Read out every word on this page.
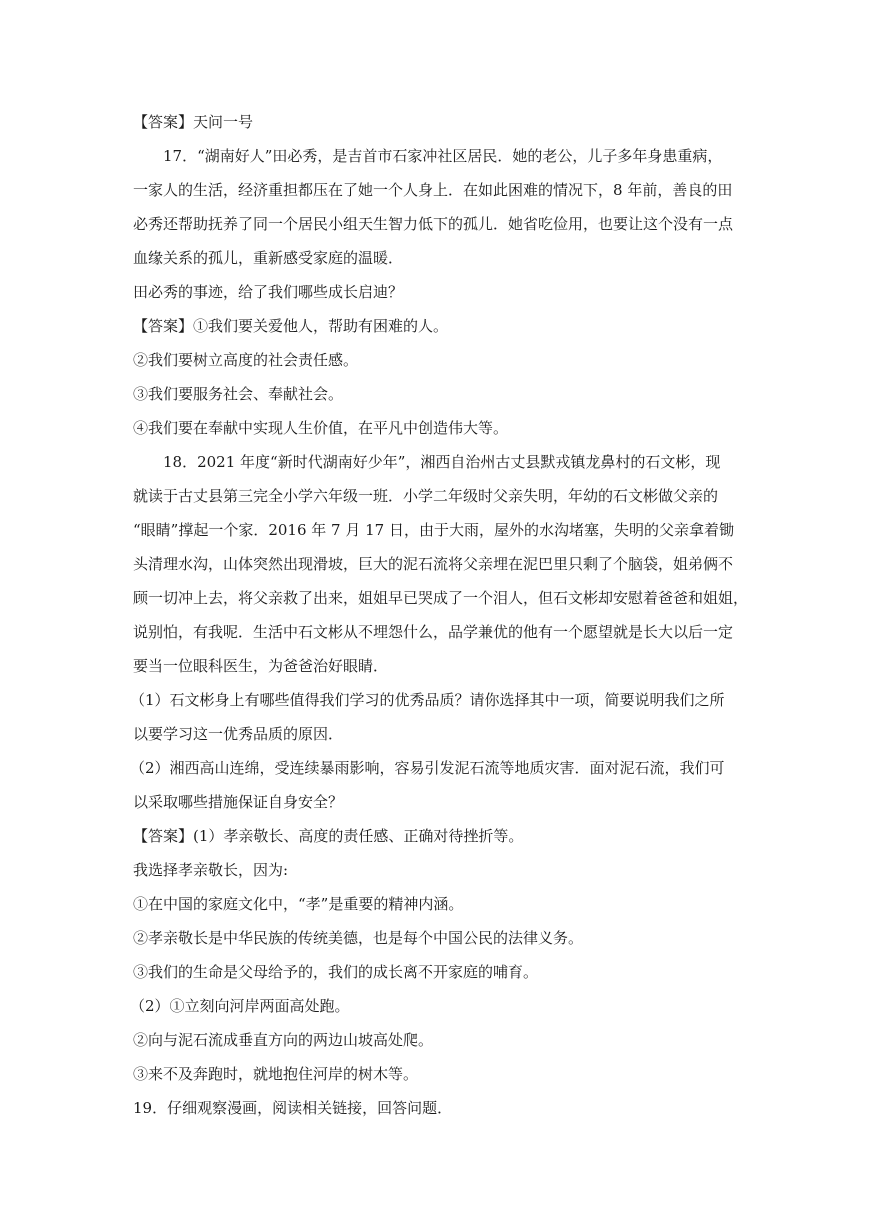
【答案】天问一号
17．“湖南好人”田必秀，是吉首市石家冲社区居民．她的老公，儿子多年身患重病，
一家人的生活，经济重担都压在了她一个人身上．在如此困难的情况下，8 年前，善良的田
必秀还帮助抚养了同一个居民小组天生智力低下的孤儿．她省吃俭用，也要让这个没有一点
血缘关系的孤儿，重新感受家庭的温暖．
田必秀的事迹，给了我们哪些成长启迪？
【答案】①我们要关爱他人，帮助有困难的人。
②我们要树立高度的社会责任感。
③我们要服务社会、奉献社会。
④我们要在奉献中实现人生价值，在平凡中创造伟大等。
18．2021 年度“新时代湖南好少年”，湘西自治州古丈县默戎镇龙鼻村的石文彬，现
就读于古丈县第三完全小学六年级一班．小学二年级时父亲失明，年幼的石文彬做父亲的
“眼睛”撑起一个家．2016 年 7 月 17 日，由于大雨，屋外的水沟堵塞，失明的父亲拿着锄
头清理水沟，山体突然出现滑坡，巨大的泥石流将父亲埋在泥巴里只剩了个脑袋，姐弟俩不
顾一切冲上去，将父亲救了出来，姐姐早已哭成了一个泪人，但石文彬却安慰着爸爸和姐姐，
说别怕，有我呢．生活中石文彬从不埋怨什么，品学兼优的他有一个愿望就是长大以后一定
要当一位眼科医生，为爸爸治好眼睛．
（1）石文彬身上有哪些值得我们学习的优秀品质？请你选择其中一项，简要说明我们之所
以要学习这一优秀品质的原因．
（2）湘西高山连绵，受连续暴雨影响，容易引发泥石流等地质灾害．面对泥石流，我们可
以采取哪些措施保证自身安全？
【答案】(1）孝亲敬长、高度的责任感、正确对待挫折等。
我选择孝亲敬长，因为:
①在中国的家庭文化中，“孝”是重要的精神内涵。
②孝亲敬长是中华民族的传统美德，也是每个中国公民的法律义务。
③我们的生命是父母给予的，我们的成长离不开家庭的哺育。
（2）①立刻向河岸两面高处跑。
②向与泥石流成垂直方向的两边山坡高处爬。
③来不及奔跑时，就地抱住河岸的树木等。
19．仔细观察漫画，阅读相关链接，回答问题．
